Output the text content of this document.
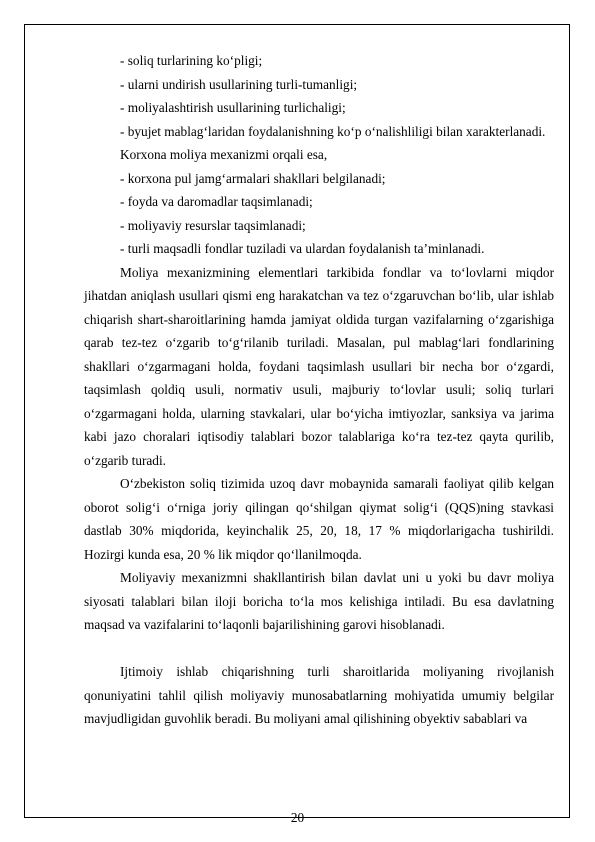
- soliq turlarining ko‘pligi;

- ularni undirish usullarining turli-tumanligi;

- moliyalashtirish usullarining turlichaligi;

- byujet mablag‘laridan foydalanishning ko‘p o‘nalishliligi bilan xarakterlanadi.

Korxona moliya mexanizmi orqali esa,

- korxona pul jamg‘armalari shakllari belgilanadi;

- foyda va daromadlar taqsimlanadi;

- moliyaviy resurslar taqsimlanadi;

- turli maqsadli fondlar tuziladi va ulardan foydalanish ta’minlanadi.

Moliya mexanizmining elementlari tarkibida fondlar va to‘lovlarni miqdor jihatdan aniqlash usullari qismi eng harakatchan va tez o‘zgaruvchan bo‘lib, ular ishlab chiqarish shart-sharoitlarining hamda jamiyat oldida turgan vazifalarning o‘zgarishiga qarab tez-tez o‘zgarib to‘g‘rilanib turiladi. Masalan, pul mablag‘lari fondlarining shakllari o‘zgarmagani holda, foydani taqsimlash usullari bir necha bor o‘zgardi, taqsimlash qoldiq usuli, normativ usuli, majburiy to‘lovlar usuli; soliq turlari o‘zgarmagani holda, ularning stavkalari, ular bo‘yicha imtiyozlar, sanksiya va jarima kabi jazo choralari iqtisodiy talablari bozor talablariga ko‘ra tez-tez qayta qurilib, o‘zgarib turadi.

O‘zbekiston soliq tizimida uzoq davr mobaynida samarali faoliyat qilib kelgan oborot solig‘i o‘rniga joriy qilingan qo‘shilgan qiymat solig‘i (QQS)ning stavkasi dastlab 30% miqdorida, keyinchalik 25, 20, 18, 17 % miqdorlarigacha tushirildi. Hozirgi kunda esa, 20 % lik miqdor qo‘llanilmoqda.

Moliyaviy mexanizmni shakllantirish bilan davlat uni u yoki bu davr moliya siyosati talablari bilan iloji boricha to‘la mos kelishiga intiladi. Bu esa davlatning maqsad va vazifalarini to‘laqonli bajarilishining garovi hisoblanadi.

Ijtimoiy ishlab chiqarishning turli sharoitlarida moliyaning rivojlanish qonuniyatini tahlil qilish moliyaviy munosabatlarning mohiyatida umumiy belgilar mavjudligidan guvohlik beradi. Bu moliyani amal qilishining obyektiv sabablari va

20
